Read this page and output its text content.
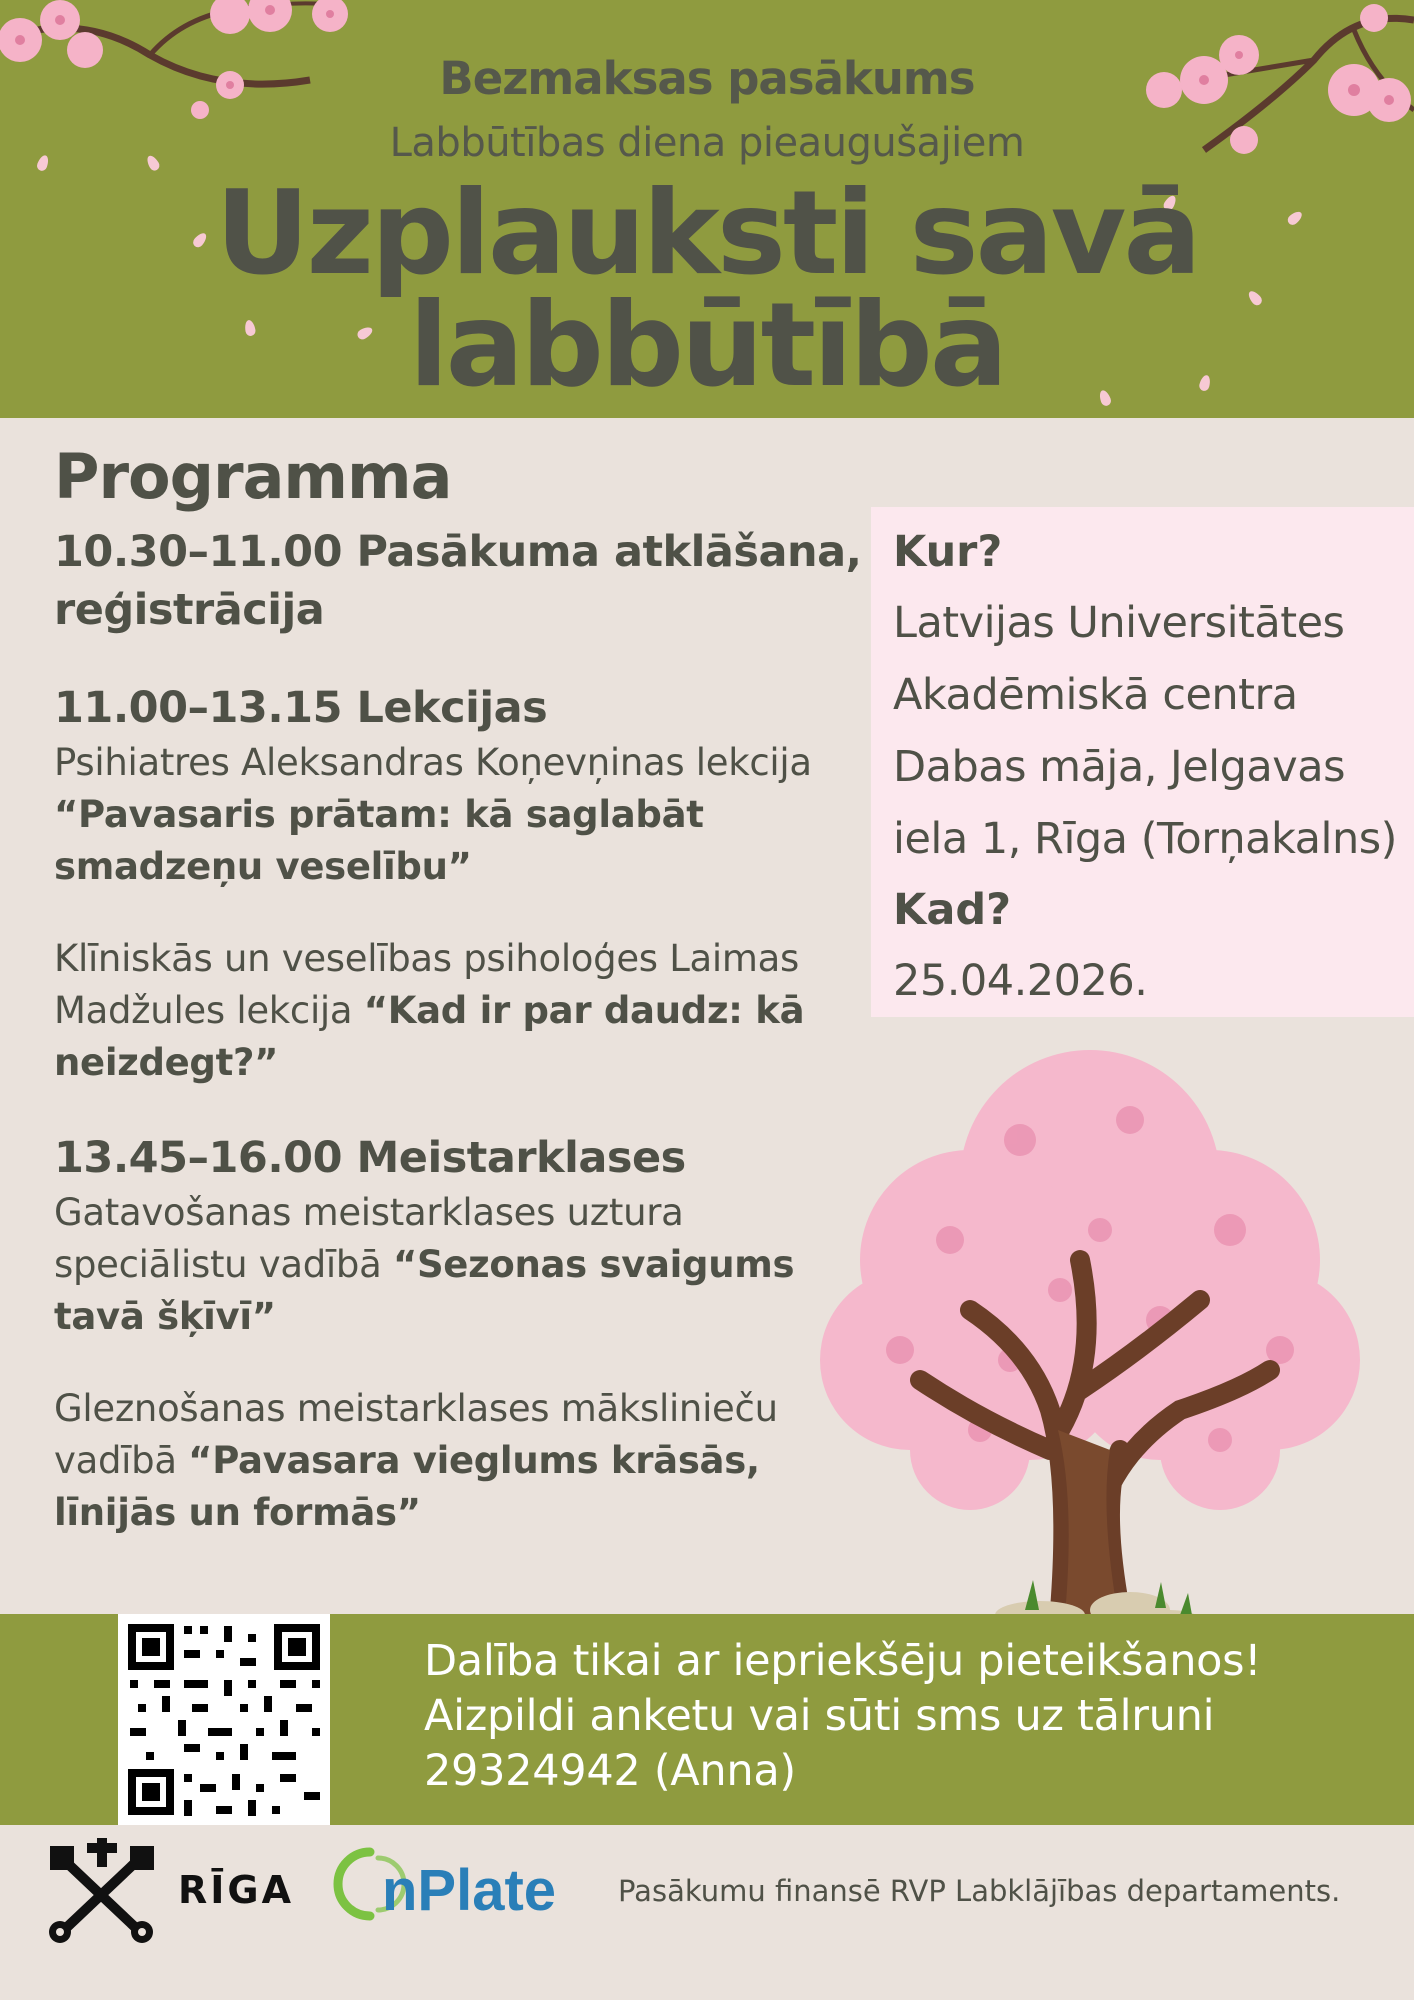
Bezmaksas pasākums
Labbūtības diena pieaugušajiem
Uzplauksti savā
labbūtībā
Programma
10.30–11.00 Pasākuma atklāšana,
reģistrācija
11.00–13.15 Lekcijas
Psihiatres Aleksandras Koņevņinas lekcija “Pavasaris prātam: kā saglabāt smadzeņu veselību”
Klīniskās un veselības psiholoģes Laimas Madžules lekcija “Kad ir par daudz: kā neizdegt?”
13.45–16.00 Meistarklases
Gatavošanas meistarklases uztura speciālistu vadībā “Sezonas svaigums tavā šķīvī”
Gleznošanas meistarklases mākslinieču vadībā “Pavasara vieglums krāsās, līnijās un formās”
Kur?
Latvijas Universitātes
Akadēmiskā centra
Dabas māja, Jelgavas
iela 1, Rīga (Torņakalns)
Kad?
25.04.2026.
Dalība tikai ar iepriekšēju pieteikšanos!
Aizpildi anketu vai sūti sms uz tālruni
29324942 (Anna)
RĪGA nPlate Pasākumu finansē RVP Labklājības departaments.
